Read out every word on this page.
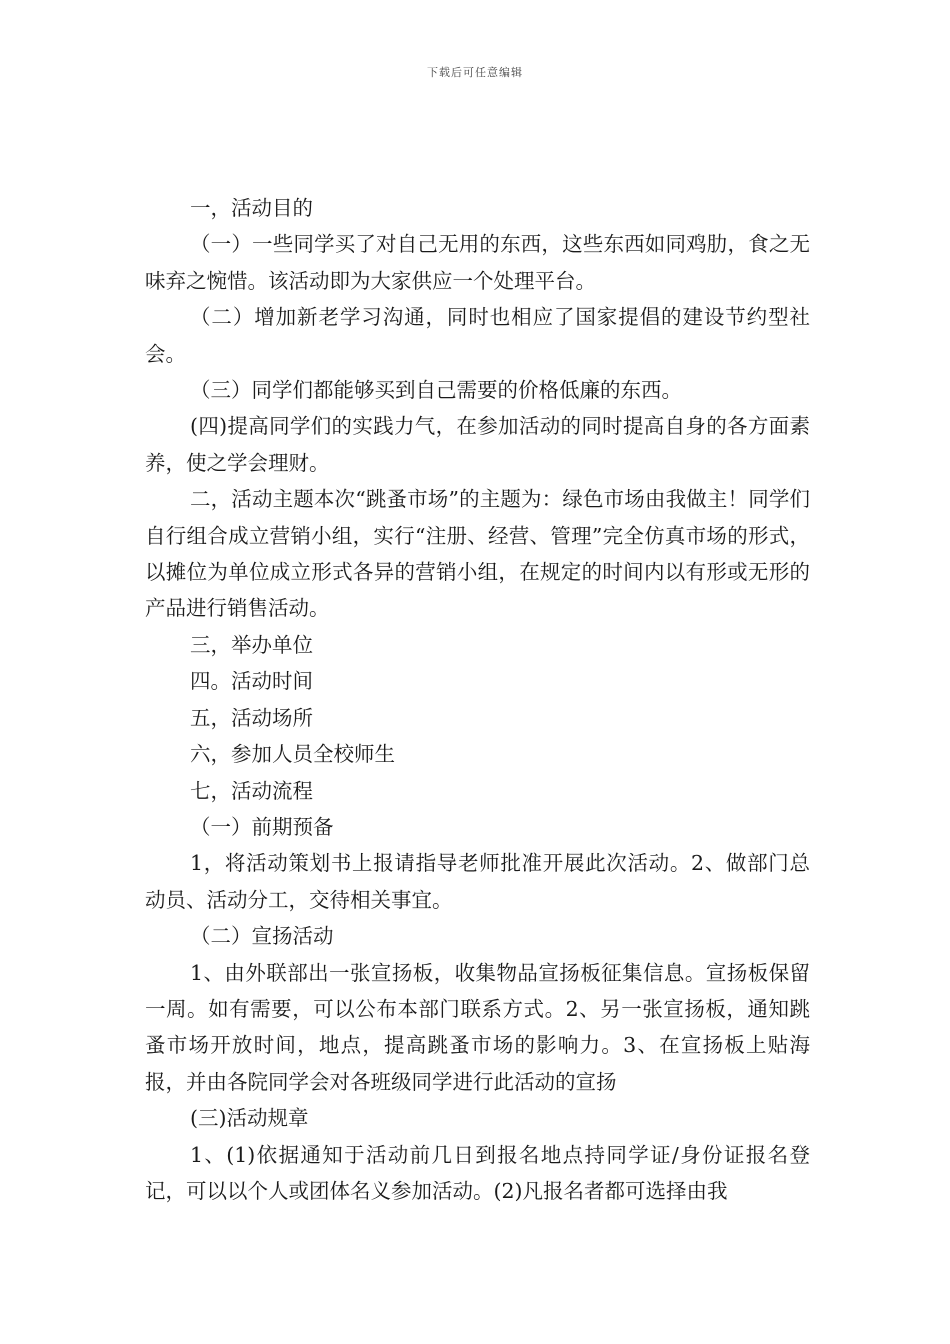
下载后可任意编辑

一，活动目的

（一）一些同学买了对自己无用的东西，这些东西如同鸡肋，食之无味弃之惋惜。该活动即为大家供应一个处理平台。

（二）增加新老学习沟通，同时也相应了国家提倡的建设节约型社会。

（三）同学们都能够买到自己需要的价格低廉的东西。

(四)提高同学们的实践力气，在参加活动的同时提高自身的各方面素养，使之学会理财。

二，活动主题本次“跳蚤市场”的主题为：绿色市场由我做主！同学们自行组合成立营销小组，实行“注册、经营、管理”完全仿真市场的形式，以摊位为单位成立形式各异的营销小组，在规定的时间内以有形或无形的产品进行销售活动。

三，举办单位

四。活动时间

五，活动场所

六，参加人员全校师生

七，活动流程

（一）前期预备

1，将活动策划书上报请指导老师批准开展此次活动。2、做部门总动员、活动分工，交待相关事宜。

（二）宣扬活动

1、由外联部出一张宣扬板，收集物品宣扬板征集信息。宣扬板保留一周。如有需要，可以公布本部门联系方式。2、另一张宣扬板，通知跳蚤市场开放时间，地点，提高跳蚤市场的影响力。3、在宣扬板上贴海报，并由各院同学会对各班级同学进行此活动的宣扬

(三)活动规章

1、(1)依据通知于活动前几日到报名地点持同学证/身份证报名登记，可以以个人或团体名义参加活动。(2)凡报名者都可选择由我
